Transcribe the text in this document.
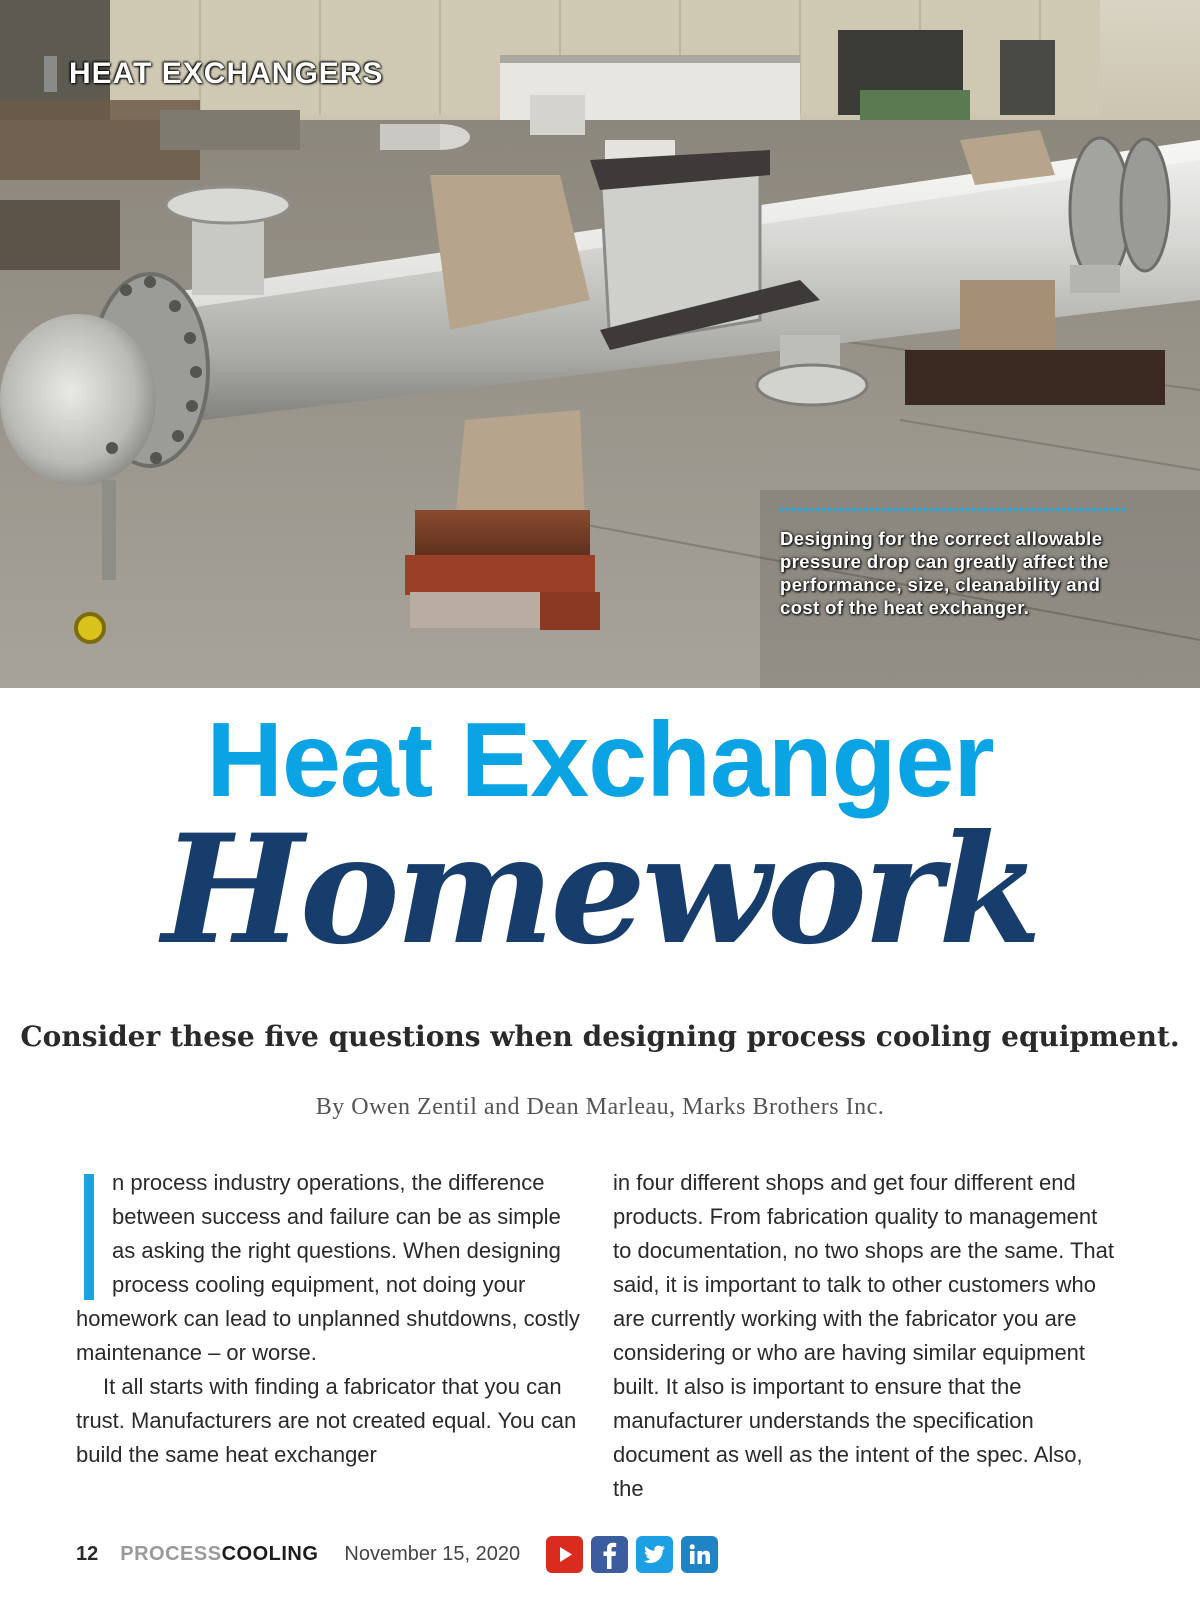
HEAT EXCHANGERS
Designing for the correct allowable pressure drop can greatly affect the performance, size, cleanability and cost of the heat exchanger.
Heat Exchanger
Homework
Consider these five questions when designing process cooling equipment.
By Owen Zentil and Dean Marleau, Marks Brothers Inc.

n process industry operations, the difference between success and failure can be as simple as asking the right questions. When designing process cooling equipment, not doing your homework can lead to unplanned shutdowns, costly maintenance – or worse.

It all starts with finding a fabricator that you can trust. Manufacturers are not created equal. You can build the same heat exchanger

in four different shops and get four different end products. From fabrication quality to management to documentation, no two shops are the same. That said, it is important to talk to other customers who are currently working with the fabricator you are considering or who are having similar equipment built. It also is important to ensure that the manufacturer understands the specification document as well as the intent of the spec. Also, the

12 PROCESSCOOLING November 15, 2020
